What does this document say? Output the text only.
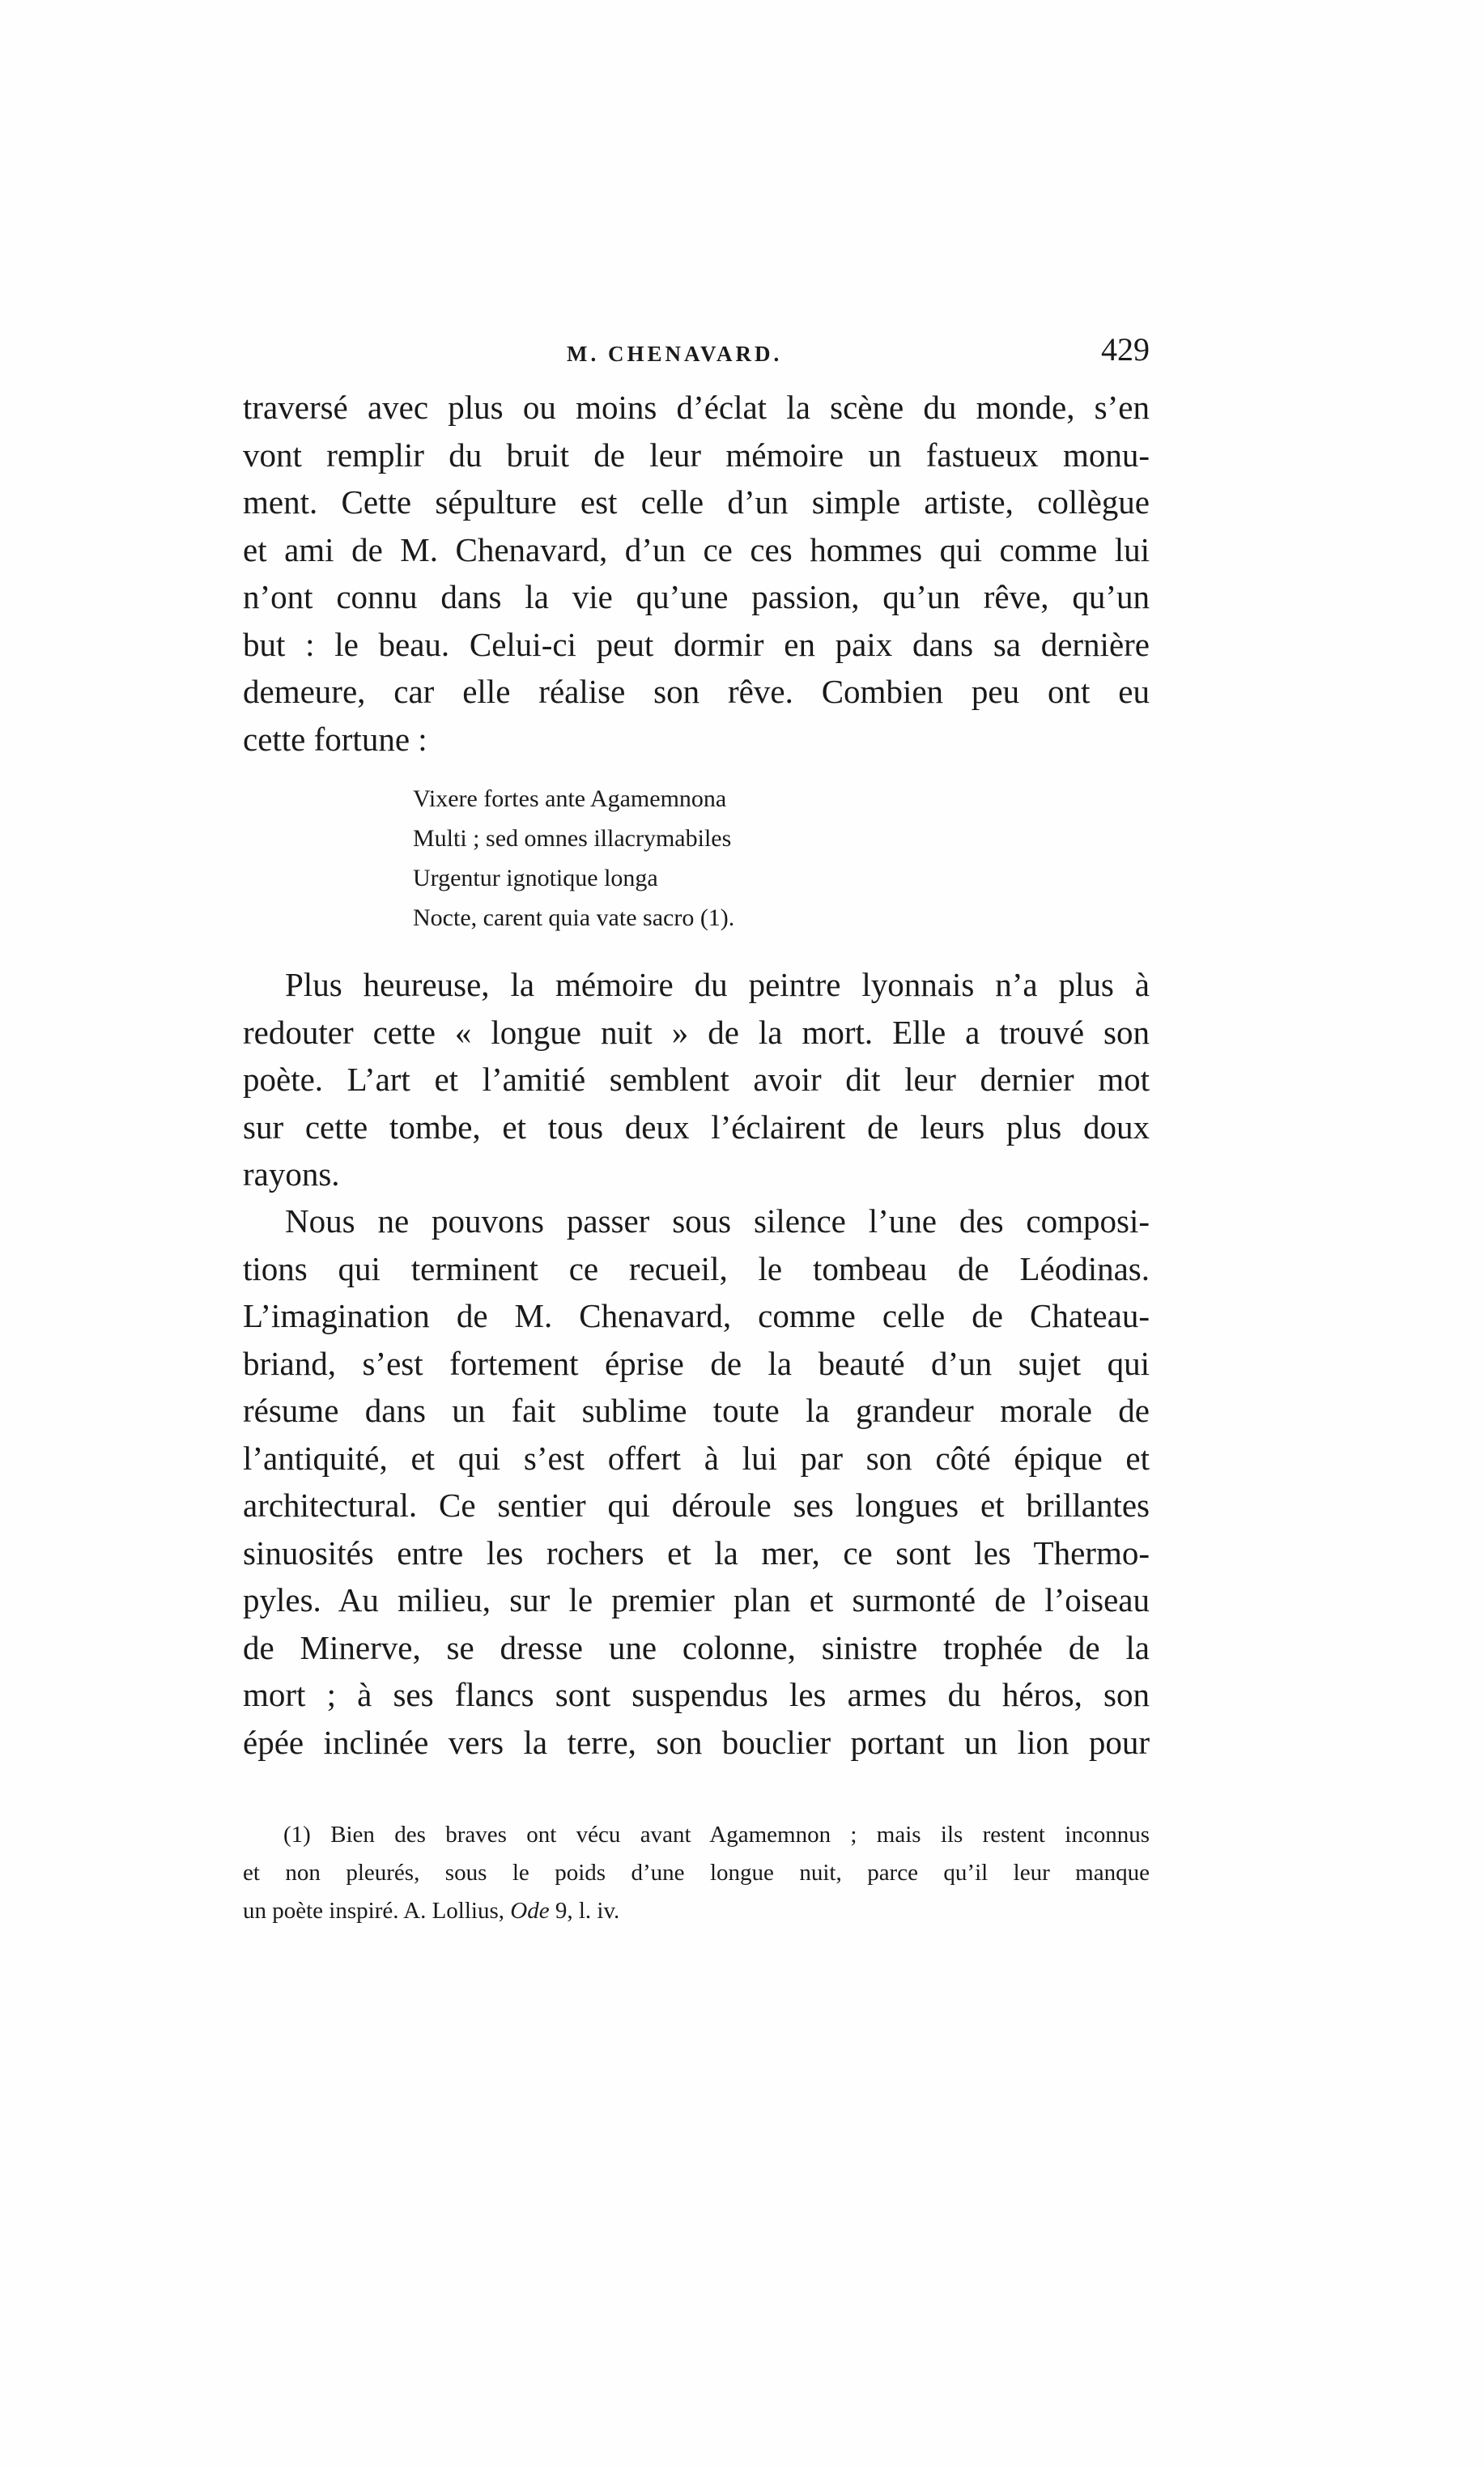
M. CHENAVARD.	429
traversé avec plus ou moins d’éclat la scène du monde, s’en
vont remplir du bruit de leur mémoire un fastueux monu-
ment. Cette sépulture est celle d’un simple artiste, collègue
et ami de M. Chenavard, d’un ce ces hommes qui comme lui
n’ont connu dans la vie qu’une passion, qu’un rêve, qu’un
but : le beau. Celui-ci peut dormir en paix dans sa dernière
demeure, car elle réalise son rêve. Combien peu ont eu
cette fortune :
Vixere fortes ante Agamemnona
Multi ; sed omnes illacrymabiles
Urgentur ignotique longa
Nocte, carent quia vate sacro (1).
Plus heureuse, la mémoire du peintre lyonnais n’a plus à
redouter cette « longue nuit » de la mort. Elle a trouvé son
poète. L’art et l’amitié semblent avoir dit leur dernier mot
sur cette tombe, et tous deux l’éclairent de leurs plus doux
rayons.
Nous ne pouvons passer sous silence l’une des composi-
tions qui terminent ce recueil, le tombeau de Léodinas.
L’imagination de M. Chenavard, comme celle de Chateau-
briand, s’est fortement éprise de la beauté d’un sujet qui
résume dans un fait sublime toute la grandeur morale de
l’antiquité, et qui s’est offert à lui par son côté épique et
architectural. Ce sentier qui déroule ses longues et brillantes
sinuosités entre les rochers et la mer, ce sont les Thermo-
pyles. Au milieu, sur le premier plan et surmonté de l’oiseau
de Minerve, se dresse une colonne, sinistre trophée de la
mort ; à ses flancs sont suspendus les armes du héros, son
épée inclinée vers la terre, son bouclier portant un lion pour
(1) Bien des braves ont vécu avant Agamemnon ; mais ils restent inconnus
et non pleurés, sous le poids d’une longue nuit, parce qu’il leur manque
un poète inspiré. A. Lollius, Ode 9, l. iv.
